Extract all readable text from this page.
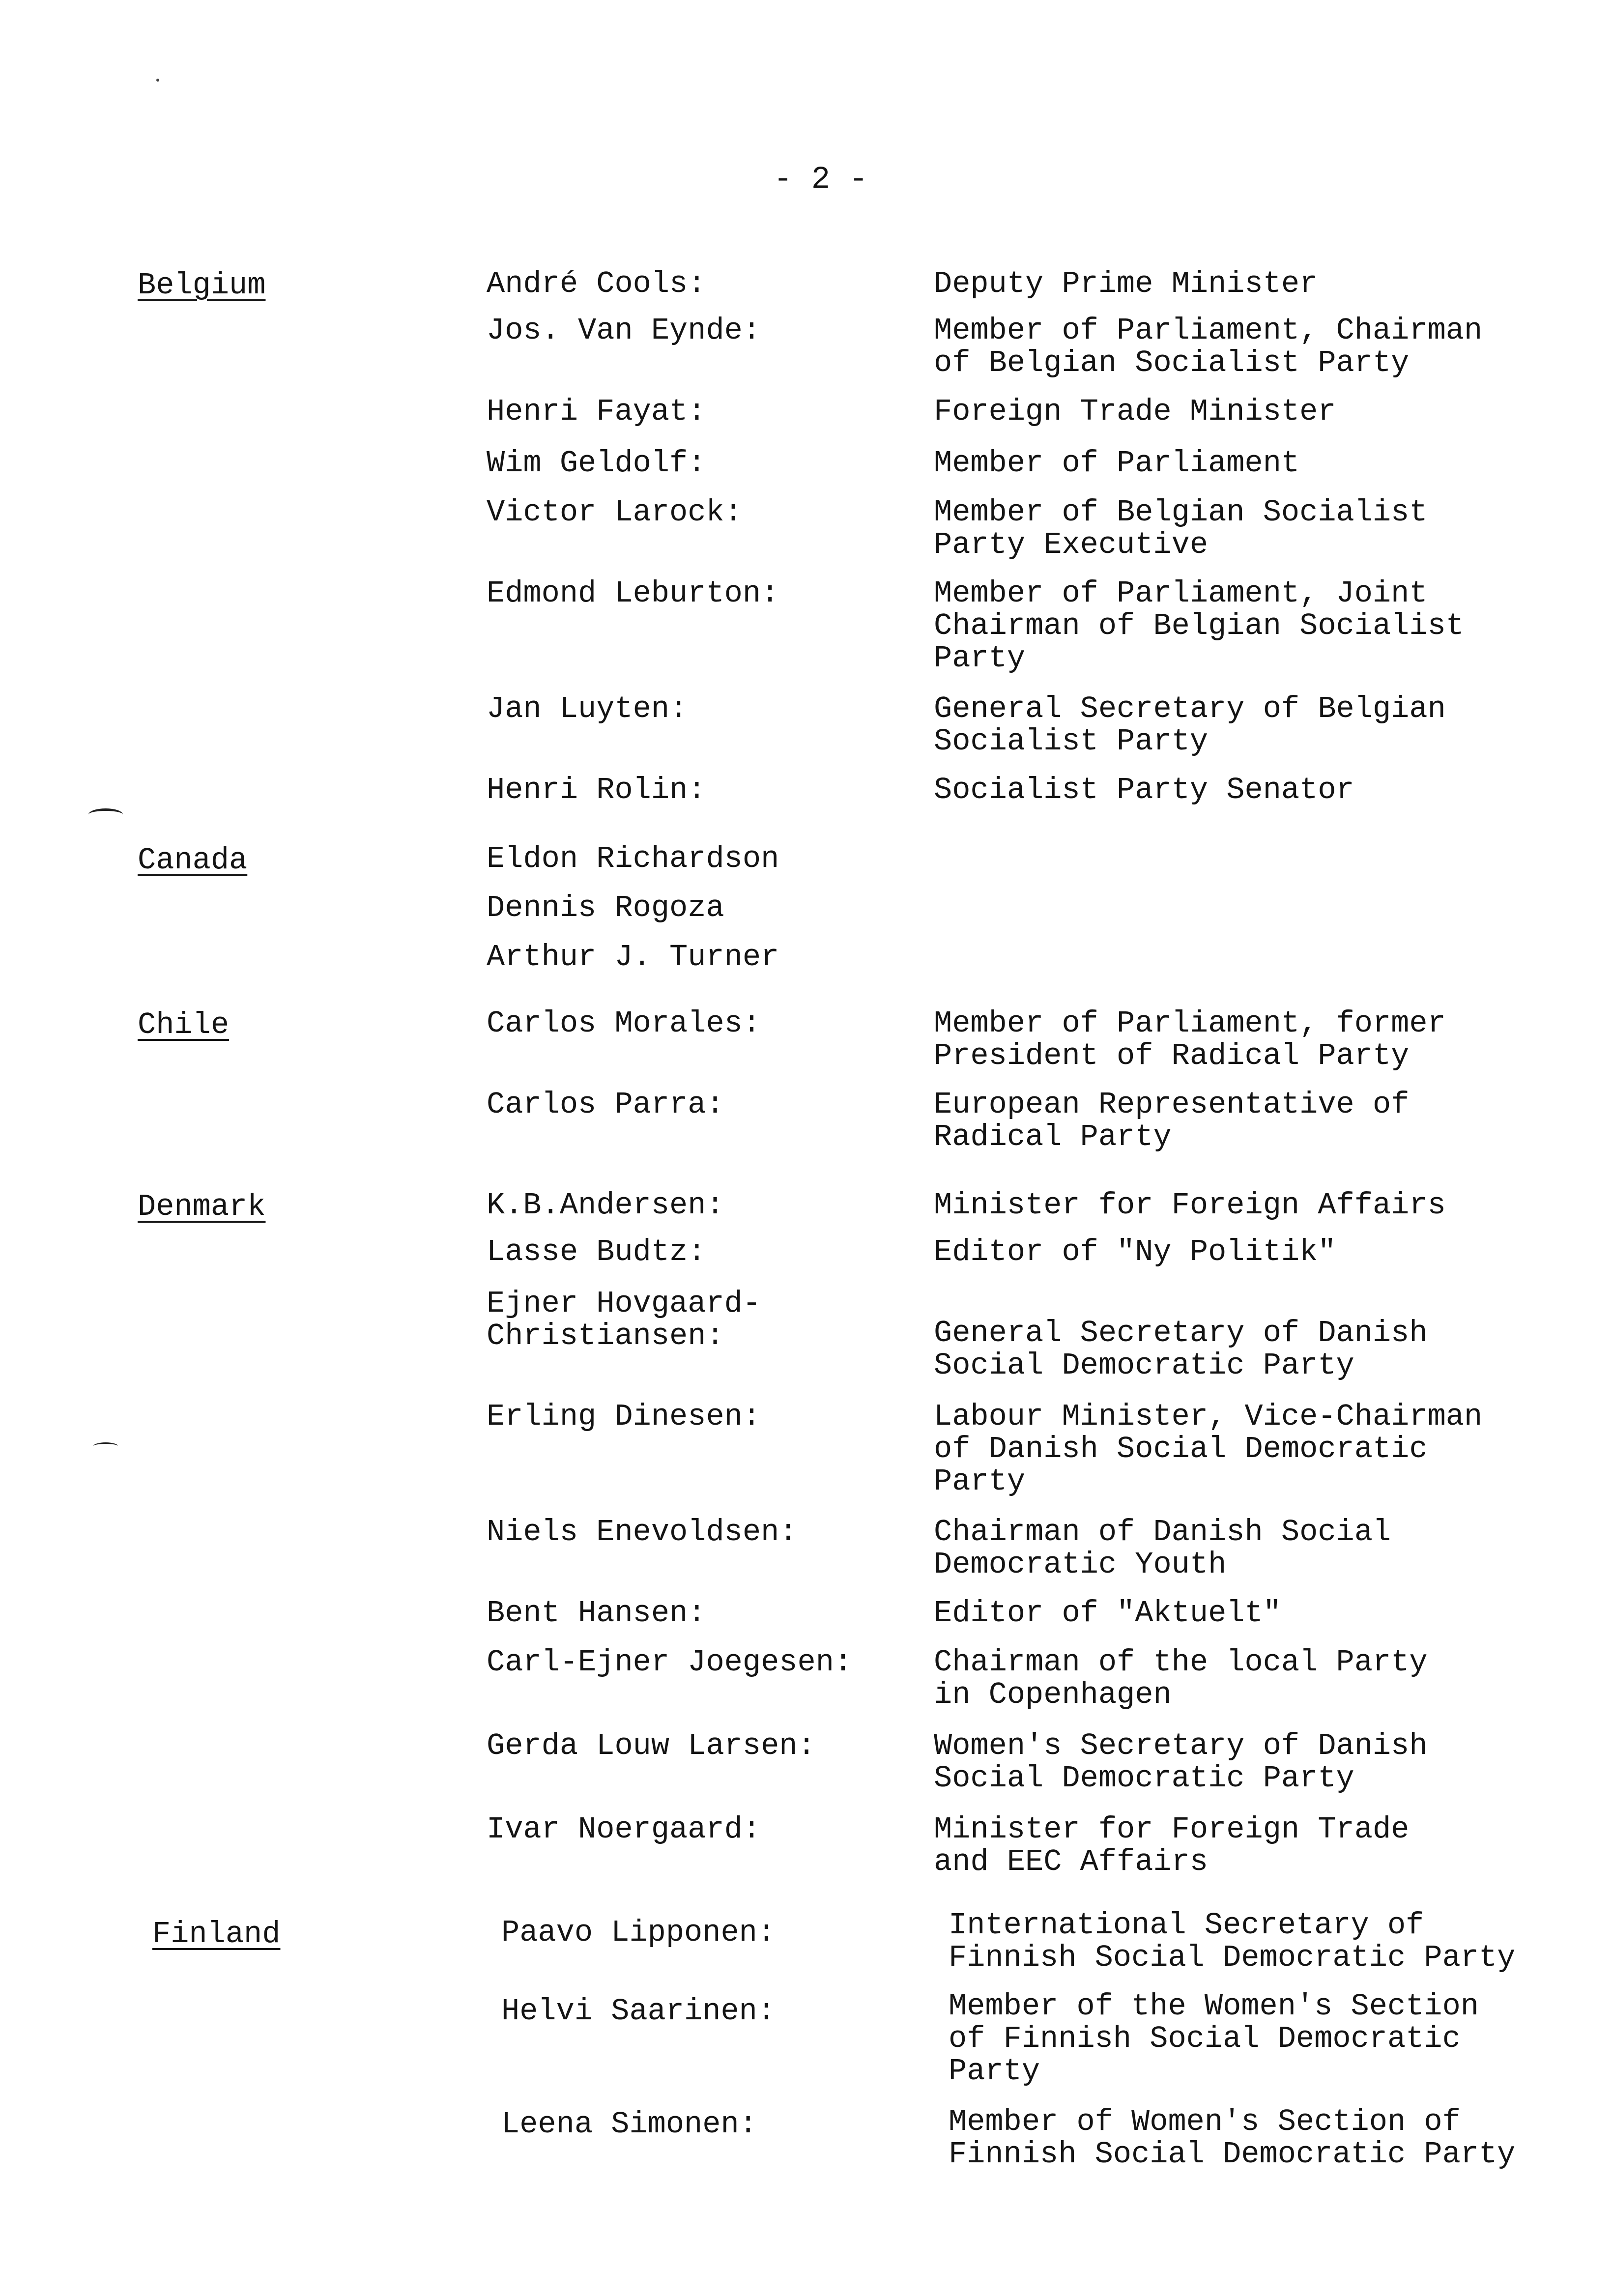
- 2 -
Belgium	André Cools:	Deputy Prime Minister
Jos. Van Eynde:	Member of Parliament, Chairman
of Belgian Socialist Party
Henri Fayat:	Foreign Trade Minister
Wim Geldolf:	Member of Parliament
Victor Larock:	Member of Belgian Socialist
Party Executive
Edmond Leburton:	Member of Parliament, Joint
Chairman of Belgian Socialist
Party
Jan Luyten:	General Secretary of Belgian
Socialist Party
Henri Rolin:	Socialist Party Senator
Canada	Eldon Richardson
Dennis Rogoza
Arthur J. Turner
Chile	Carlos Morales:	Member of Parliament, former
President of Radical Party
Carlos Parra:	European Representative of
Radical Party
Denmark	K.B.Andersen:	Minister for Foreign Affairs
Lasse Budtz:	Editor of "Ny Politik"
Ejner Hovgaard-
Christiansen:	General Secretary of Danish
Social Democratic Party
Erling Dinesen:	Labour Minister, Vice-Chairman
of Danish Social Democratic
Party
Niels Enevoldsen:	Chairman of Danish Social
Democratic Youth
Bent Hansen:	Editor of "Aktuelt"
Carl-Ejner Joegesen:	Chairman of the local Party
in Copenhagen
Gerda Louw Larsen:	Women's Secretary of Danish
Social Democratic Party
Ivar Noergaard:	Minister for Foreign Trade
and EEC Affairs
Finland	Paavo Lipponen:	International Secretary of
Finnish Social Democratic Party
Helvi Saarinen:	Member of the Women's Section
of Finnish Social Democratic
Party
Leena Simonen:	Member of Women's Section of
Finnish Social Democratic Party
